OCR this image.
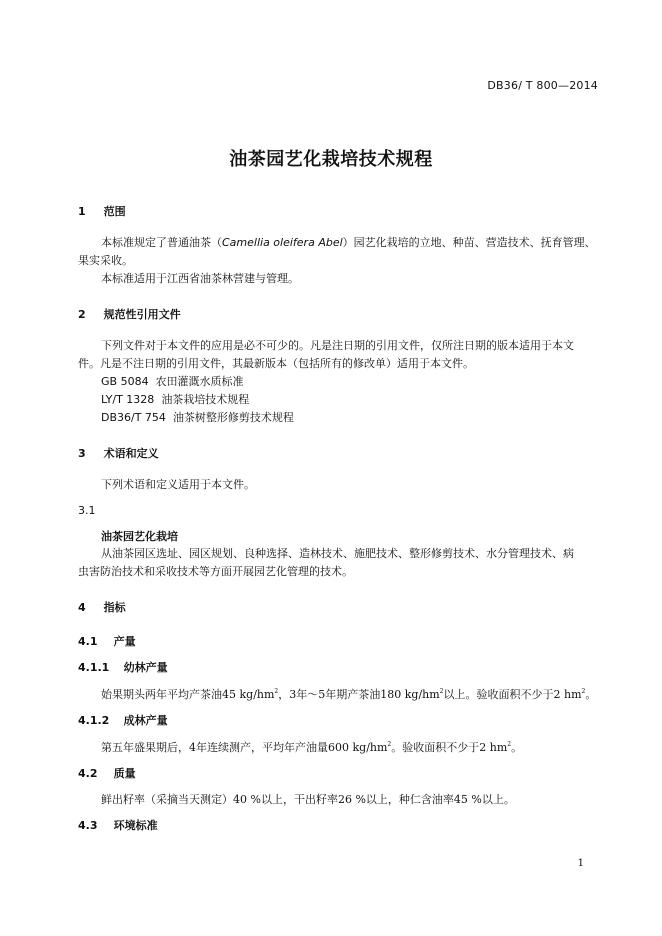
DB36/ T 800—2014
油茶园艺化栽培技术规程
1 范围
本标准规定了普通油茶（Camellia oleifera Abel）园艺化栽培的立地、种苗、营造技术、抚育管理、
果实采收。
本标准适用于江西省油茶林营建与管理。
2 规范性引用文件
下列文件对于本文件的应用是必不可少的。凡是注日期的引用文件，仅所注日期的版本适用于本文
件。凡是不注日期的引用文件，其最新版本（包括所有的修改单）适用于本文件。
GB 5084 农田灌溉水质标准
LY/T 1328 油茶栽培技术规程
DB36/T 754 油茶树整形修剪技术规程
3 术语和定义
下列术语和定义适用于本文件。
3.1
油茶园艺化栽培
从油茶园区选址、园区规划、良种选择、造林技术、施肥技术、整形修剪技术、水分管理技术、病
虫害防治技术和采收技术等方面开展园艺化管理的技术。
4 指标
4.1 产量
4.1.1 幼林产量
始果期头两年平均产茶油45 $kg/hm^2$，3年～5年期产茶油180 $kg/hm^2$以上。验收面积不少于2 $hm^2$。
4.1.2 成林产量
第五年盛果期后，4年连续测产，平均年产油量600 $kg/hm^2$。验收面积不少于2 $hm^2$。
4.2 质量
鲜出籽率（采摘当天测定）40 %以上，干出籽率26 %以上，种仁含油率45 %以上。
4.3 环境标准
1
